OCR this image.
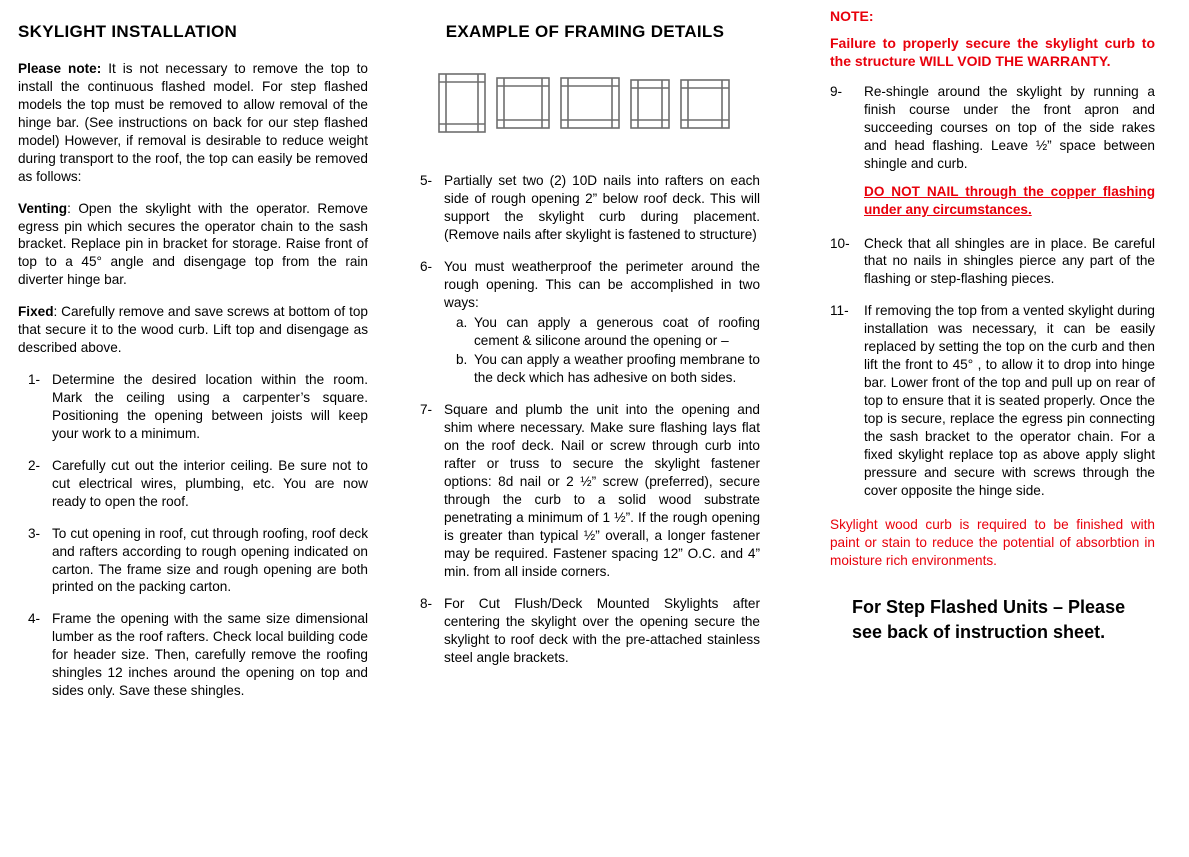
SKYLIGHT INSTALLATION

Please note: It is not necessary to remove the top to install the continuous flashed model. For step flashed models the top must be removed to allow removal of the hinge bar. (See instructions on back for our step flashed model) However, if removal is desirable to reduce weight during transport to the roof, the top can easily be removed as follows:

Venting: Open the skylight with the operator. Remove egress pin which secures the operator chain to the sash bracket. Replace pin in bracket for storage. Raise front of top to a 45° angle and disengage top from the rain diverter hinge bar.

Fixed: Carefully remove and save screws at bottom of top that secure it to the wood curb. Lift top and disengage as described above.

1- Determine the desired location within the room. Mark the ceiling using a carpenter’s square. Positioning the opening between joists will keep your work to a minimum.
2- Carefully cut out the interior ceiling. Be sure not to cut electrical wires, plumbing, etc. You are now ready to open the roof.
3- To cut opening in roof, cut through roofing, roof deck and rafters according to rough opening indicated on carton. The frame size and rough opening are both printed on the packing carton.
4- Frame the opening with the same size dimensional lumber as the roof rafters. Check local building code for header size. Then, carefully remove the roofing shingles 12 inches around the opening on top and sides only. Save these shingles.
EXAMPLE OF FRAMING DETAILS
5- Partially set two (2) 10D nails into rafters on each side of rough opening 2” below roof deck. This will support the skylight curb during placement. (Remove nails after skylight is fastened to structure)
6- You must weatherproof the perimeter around the rough opening. This can be accomplished in two ways:
a. You can apply a generous coat of roofing cement & silicone around the opening or –
b. You can apply a weather proofing membrane to the deck which has adhesive on both sides.
7- Square and plumb the unit into the opening and shim where necessary. Make sure flashing lays flat on the roof deck. Nail or screw through curb into rafter or truss to secure the skylight fastener options: 8d nail or 2 ½” screw (preferred), secure through the curb to a solid wood substrate penetrating a minimum of 1 ½”. If the rough opening is greater than typical ½” overall, a longer fastener may be required. Fastener spacing 12” O.C. and 4” min. from all inside corners.
8- For Cut Flush/Deck Mounted Skylights after centering the skylight over the opening secure the skylight to roof deck with the pre-attached stainless steel angle brackets.
NOTE:
Failure to properly secure the skylight curb to the structure WILL VOID THE WARRANTY.
9-	Re-shingle around the skylight by running a finish course under the front apron and succeeding courses on top of the side rakes and head flashing. Leave ½” space between shingle and curb.
DO NOT NAIL through the copper flashing under any circumstances.
10-	Check that all shingles are in place. Be careful that no nails in shingles pierce any part of the flashing or step-flashing pieces.
11-	If removing the top from a vented skylight during installation was necessary, it can be easily replaced by setting the top on the curb and then lift the front to 45° , to allow it to drop into hinge bar. Lower front of the top and pull up on rear of top to ensure that it is seated properly. Once the top is secure, replace the egress pin connecting the sash bracket to the operator chain. For a fixed skylight replace top as above apply slight pressure and secure with screws through the cover opposite the hinge side.

Skylight wood curb is required to be finished with paint or stain to reduce the potential of absorbtion in moisture rich environments.

For Step Flashed Units – Please see back of instruction sheet.
